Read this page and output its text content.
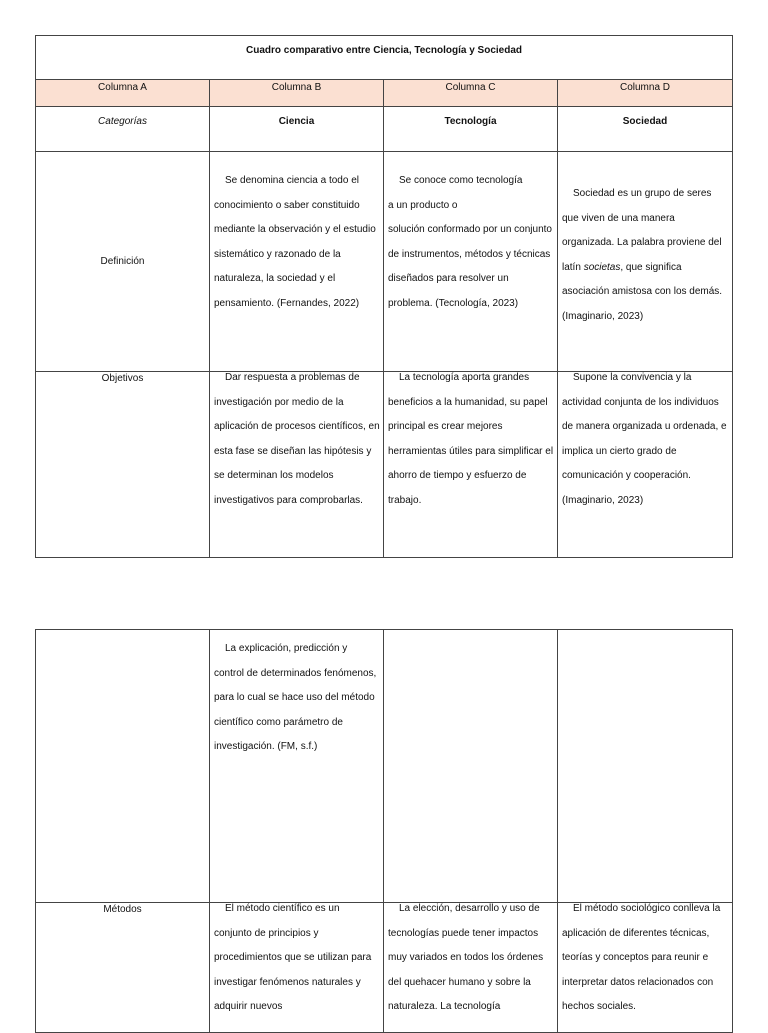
Cuadro comparativo entre Ciencia, Tecnología y Sociedad			

Columna A	Columna B	Columna C	Columna D

Categorías	Ciencia	Tecnología	Sociedad

Definición	Se denomina ciencia a todo el conocimiento o saber constituido mediante la observación y el estudio sistemático y razonado de la naturaleza, la sociedad y el pensamiento. (Fernandes, 2022)	Se conoce como tecnología
a un producto o
solución conformado por un conjunto de instrumentos, métodos y técnicas diseñados para resolver un problema. (Tecnología, 2023)	Sociedad es un grupo de seres que viven de una manera organizada. La palabra proviene del latín societas, que significa asociación amistosa con los demás. (Imaginario, 2023)

Objetivos	Dar respuesta a problemas de investigación por medio de la aplicación de procesos científicos, en esta fase se diseñan las hipótesis y se determinan los modelos investigativos para comprobarlas.	La tecnología aporta grandes beneficios a la humanidad, su papel principal es crear mejores herramientas útiles para simplificar el ahorro de tiempo y esfuerzo de trabajo.	Supone la convivencia y la actividad conjunta de los individuos de manera organizada u ordenada, e implica un cierto grado de comunicación y cooperación. (Imaginario, 2023)

	La explicación, predicción y control de determinados fenómenos, para lo cual se hace uso del método científico como parámetro de investigación. (FM, s.f.)		

Métodos	El método científico es un conjunto de principios y procedimientos que se utilizan para investigar fenómenos naturales y adquirir nuevos	La elección, desarrollo y uso de tecnologías puede tener impactos muy variados en todos los órdenes del quehacer humano y sobre la naturaleza. La tecnología	El método sociológico conlleva la aplicación de diferentes técnicas, teorías y conceptos para reunir e interpretar datos relacionados con hechos sociales.
